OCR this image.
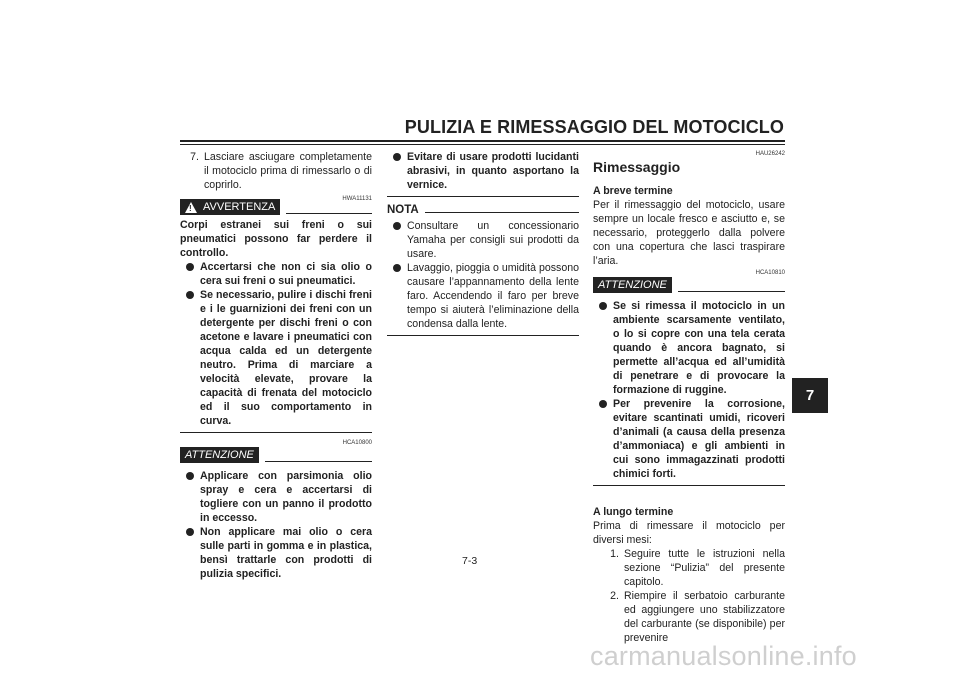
PULIZIA E RIMESSAGGIO DEL MOTOCICLO
7. Lasciare asciugare completamente il motociclo prima di rimessarlo o di coprirlo.
HWA11131
! AVVERTENZA
Corpi estranei sui freni o sui pneumatici possono far perdere il controllo.
Accertarsi che non ci sia olio o cera sui freni o sui pneumatici.
Se necessario, pulire i dischi freni e i le guarnizioni dei freni con un detergente per dischi freni o con acetone e lavare i pneumatici con acqua calda ed un detergente neutro. Prima di marciare a velocità elevate, provare la capacità di frenata del motociclo ed il suo comportamento in curva.
HCA10800
ATTENZIONE
Applicare con parsimonia olio spray e cera e accertarsi di togliere con un panno il prodotto in eccesso.
Non applicare mai olio o cera sulle parti in gomma e in plastica, bensì trattarle con prodotti di pulizia specifici.
Evitare di usare prodotti lucidanti abrasivi, in quanto asportano la vernice.
NOTA
Consultare un concessionario Yamaha per consigli sui prodotti da usare.
Lavaggio, pioggia o umidità possono causare l’appannamento della lente faro. Accendendo il faro per breve tempo si aiuterà l’eliminazione della condensa dalla lente.
HAU26242
Rimessaggio
A breve termine
Per il rimessaggio del motociclo, usare sempre un locale fresco e asciutto e, se necessario, proteggerlo dalla polvere con una copertura che lasci traspirare l’aria.
HCA10810
ATTENZIONE
Se si rimessa il motociclo in un ambiente scarsamente ventilato, o lo si copre con una tela cerata quando è ancora bagnato, si permette all’acqua ed all’umidità di penetrare e di provocare la formazione di ruggine.
Per prevenire la corrosione, evitare scantinati umidi, ricoveri d’animali (a causa della presenza d’ammoniaca) e gli ambienti in cui sono immagazzinati prodotti chimici forti.
A lungo termine
Prima di rimessare il motociclo per diversi mesi:
1. Seguire tutte le istruzioni nella sezione “Pulizia” del presente capitolo.
2. Riempire il serbatoio carburante ed aggiungere uno stabilizzatore del carburante (se disponibile) per prevenire
7
7-3
carmanualsonline.info
